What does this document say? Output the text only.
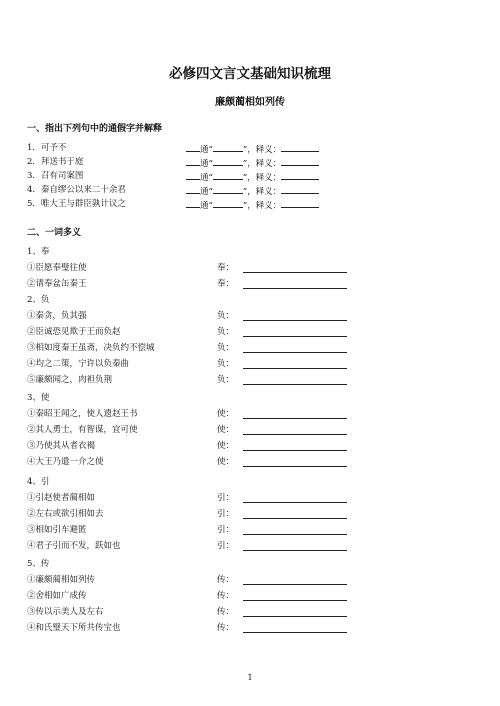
必修四文言文基础知识梳理
廉颇蔺相如列传
一、指出下列句中的通假字并解释
1．可予不	通“	”，释义：
2．拜送书于庭	通“	”，释义：
3．召有司案图	通“	”，释义：
4．秦自缪公以来二十余君	通“	”，释义：
5．唯大王与群臣孰计议之	通“	”，释义：
二、一词多义
1、奉
①臣愿奉璧往使	奉：
②请奉盆缶秦王	奉：
2、负
①秦贪，负其强	负：
②臣诚恐见欺于王而负赵	负：
③相如度秦王虽斋，决负约不偿城	负：
④均之二策，宁许以负秦曲	负：
⑤廉颇闻之，肉袒负荆	负：
3、使
①秦昭王闻之，使人遗赵王书	使：
②其人勇士，有智谋，宜可使	使：
③乃使其从者衣褐	使：
④大王乃遣一介之使	使：
4、引
①引赵使者蔺相如	引：
②左右或欲引相如去	引：
③相如引车避匿	引：
④君子引而不发，跃如也	引：
5、传
①廉颇蔺相如列传	传：
②舍相如广成传	传：
③传以示美人及左右	传：
④和氏璧天下所共传宝也	传：
1
